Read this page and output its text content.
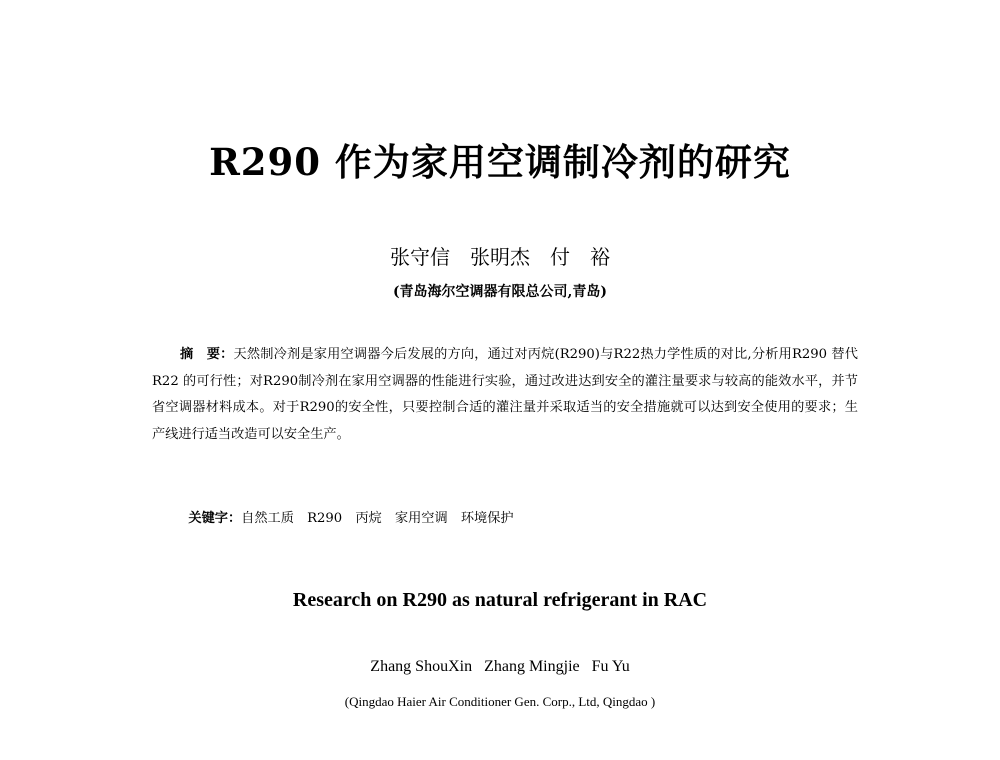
R290 作为家用空调制冷剂的研究
张守信　张明杰　付　裕
(青岛海尔空调器有限总公司,青岛)
摘　要：天然制冷剂是家用空调器今后发展的方向，通过对丙烷(R290)与R22热力学性质的对比,分析用R290 替代R22 的可行性；对R290制冷剂在家用空调器的性能进行实验，通过改进达到安全的灌注量要求与较高的能效水平，并节省空调器材料成本。对于R290的安全性，只要控制合适的灌注量并采取适当的安全措施就可以达到安全使用的要求；生产线进行适当改造可以安全生产。

关键字：自然工质　R290　丙烷　家用空调　环境保护

Research on R290 as natural refrigerant in RAC
Zhang ShouXin   Zhang Mingjie   Fu Yu
(Qingdao Haier Air Conditioner Gen. Corp., Ltd, Qingdao )
